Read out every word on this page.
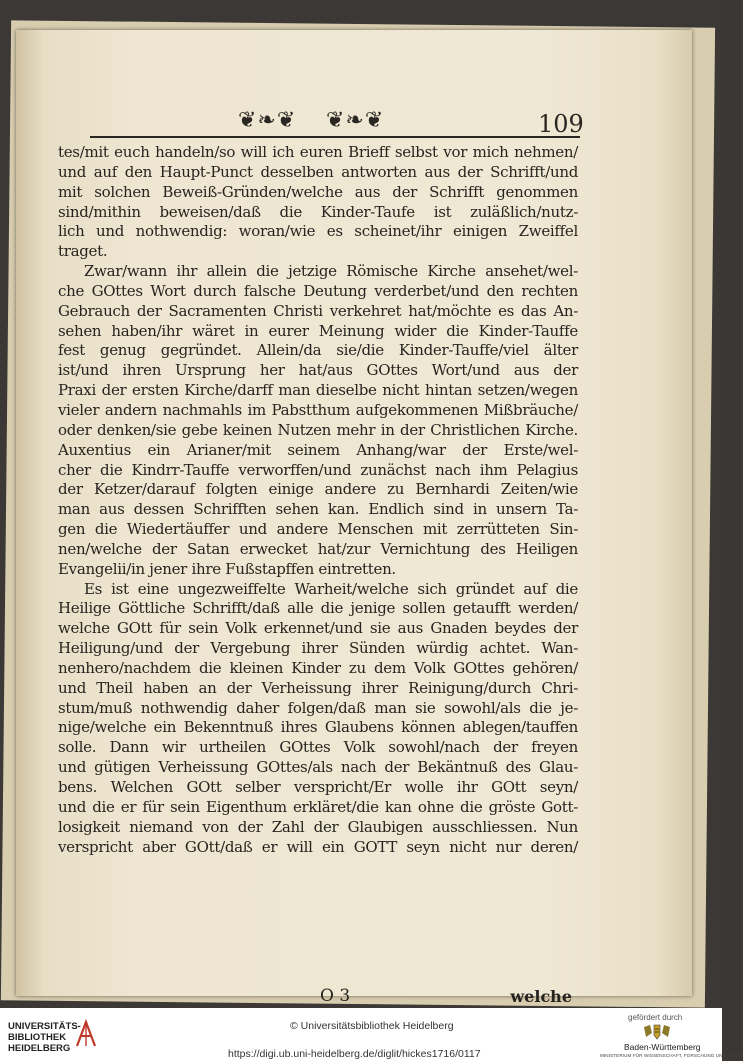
❦❧❦ ❦❧❦	109
tes/mit euch handeln/so will ich euren Brieff selbst vor mich nehmen/
und auf den Haupt-Punct desselben antworten aus der Schrifft/und
mit solchen Beweiß-Gründen/welche aus der Schrifft genommen
sind/mithin beweisen/daß die Kinder-Taufe ist zuläßlich/nutz-
lich und nothwendig: woran/wie es scheinet/ihr einigen Zweiffel
traget.
Zwar/wann ihr allein die jetzige Römische Kirche ansehet/wel-
che GOttes Wort durch falsche Deutung verderbet/und den rechten
Gebrauch der Sacramenten Christi verkehret hat/möchte es das An-
sehen haben/ihr wäret in eurer Meinung wider die Kinder-Tauffe
fest genug gegründet. Allein/da sie/die Kinder-Tauffe/viel älter
ist/und ihren Ursprung her hat/aus GOttes Wort/und aus der
Praxi der ersten Kirche/darff man dieselbe nicht hintan setzen/wegen
vieler andern nachmahls im Pabstthum aufgekommenen Mißbräuche/
oder denken/sie gebe keinen Nutzen mehr in der Christlichen Kirche.
Auxentius ein Arianer/mit seinem Anhang/war der Erste/wel-
cher die Kindrr-Tauffe verworffen/und zunächst nach ihm Pelagius
der Ketzer/darauf folgten einige andere zu Bernhardi Zeiten/wie
man aus dessen Schrifften sehen kan. Endlich sind in unsern Ta-
gen die Wiedertäuffer und andere Menschen mit zerrütteten Sin-
nen/welche der Satan erwecket hat/zur Vernichtung des Heiligen
Evangelii/in jener ihre Fußstapffen eintretten.
Es ist eine ungezweiffelte Warheit/welche sich gründet auf die
Heilige Göttliche Schrifft/daß alle die jenige sollen getaufft werden/
welche GOtt für sein Volk erkennet/und sie aus Gnaden beydes der
Heiligung/und der Vergebung ihrer Sünden würdig achtet. Wan-
nenhero/nachdem die kleinen Kinder zu dem Volk GOttes gehören/
und Theil haben an der Verheissung ihrer Reinigung/durch Chri-
stum/muß nothwendig daher folgen/daß man sie sowohl/als die je-
nige/welche ein Bekenntnuß ihres Glaubens können ablegen/tauffen
solle. Dann wir urtheilen GOttes Volk sowohl/nach der freyen
und gütigen Verheissung GOttes/als nach der Bekäntnuß des Glau-
bens. Welchen GOtt selber verspricht/Er wolle ihr GOtt seyn/
und die er für sein Eigenthum erkläret/die kan ohne die gröste Gott-
losigkeit niemand von der Zahl der Glaubigen ausschliessen. Nun
verspricht aber GOtt/daß er will ein GOTT seyn nicht nur deren/
O 3	welche
UNIVERSITÄTS-
BIBLIOTHEK
HEIDELBERG
© Universitätsbibliothek Heidelberg
https://digi.ub.uni-heidelberg.de/diglit/hickes1716/0117
gefördert durch
Baden-Württemberg
MINISTERIUM FÜR WISSENSCHAFT, FORSCHUNG UND KUNST
